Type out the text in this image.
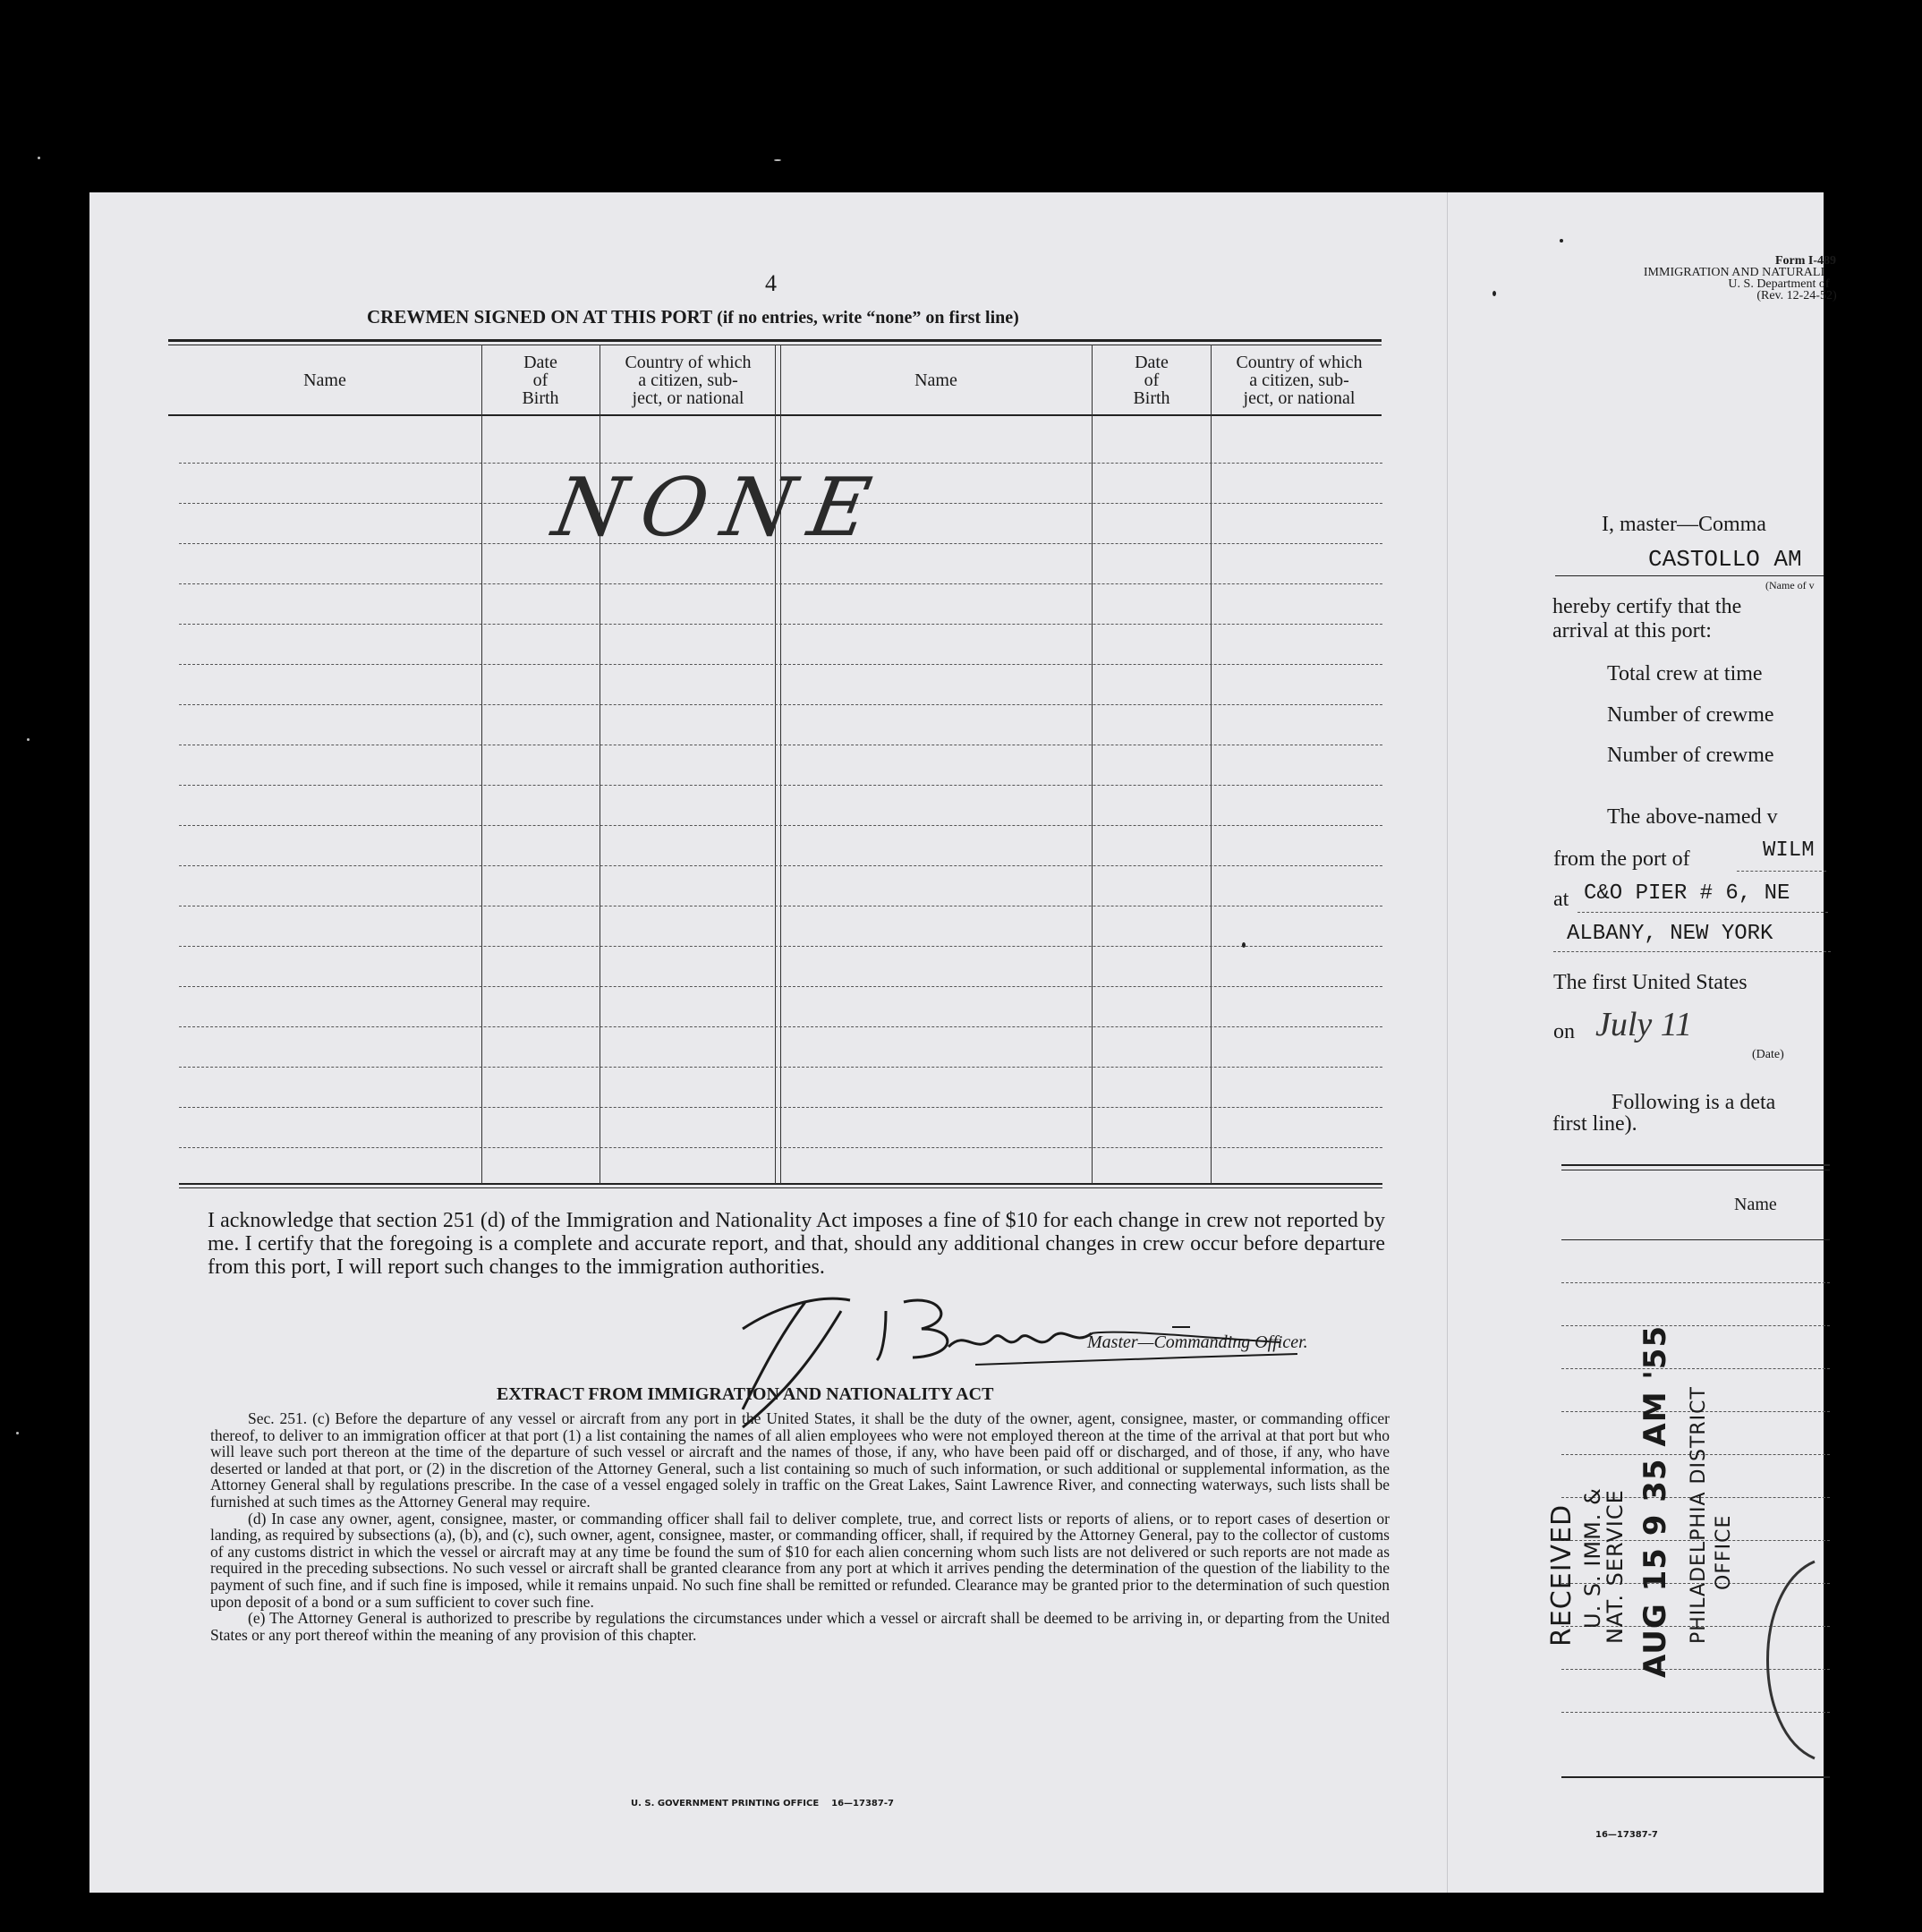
4
CREWMEN SIGNED ON AT THIS PORT (if no entries, write “none” on first line)
Name
Date
of
Birth
Country of which
a citizen, sub-
ject, or national
Name
Date
of
Birth
Country of which
a citizen, sub-
ject, or national
NONE
I acknowledge that section 251 (d) of the Immigration and Nationality Act imposes a fine of $10 for each change in crew not reported by me. I certify that the foregoing is a complete and accurate report, and that, should any additional changes in crew occur before departure from this port, I will report such changes to the immigration authorities.
Master—Commanding Officer.
EXTRACT FROM IMMIGRATION AND NATIONALITY ACT

Sec. 251. (c) Before the departure of any vessel or aircraft from any port in the United States, it shall be the duty of the owner, agent, consignee, master, or commanding officer thereof, to deliver to an immigration officer at that port (1) a list containing the names of all alien employees who were not employed thereon at the time of the arrival at that port but who will leave such port thereon at the time of the departure of such vessel or aircraft and the names of those, if any, who have been paid off or discharged, and of those, if any, who have deserted or landed at that port, or (2) in the discretion of the Attorney General, such a list containing so much of such information, or such additional or supplemental information, as the Attorney General shall by regulations prescribe. In the case of a vessel engaged solely in traffic on the Great Lakes, Saint Lawrence River, and connecting waterways, such lists shall be furnished at such times as the Attorney General may require.

(d) In case any owner, agent, consignee, master, or commanding officer shall fail to deliver complete, true, and correct lists or reports of aliens, or to report cases of desertion or landing, as required by subsections (a), (b), and (c), such owner, agent, consignee, master, or commanding officer, shall, if required by the Attorney General, pay to the collector of customs of any customs district in which the vessel or aircraft may at any time be found the sum of $10 for each alien concerning whom such lists are not delivered or such reports are not made as required in the preceding subsections. No such vessel or aircraft shall be granted clearance from any port at which it arrives pending the determination of the question of the liability to the payment of such fine, and if such fine is imposed, while it remains unpaid. No such fine shall be remitted or refunded. Clearance may be granted prior to the determination of such question upon deposit of a bond or a sum sufficient to cover such fine.

(e) The Attorney General is authorized to prescribe by regulations the circumstances under which a vessel or aircraft shall be deemed to be arriving in, or departing from the United States or any port thereof within the meaning of any provision of this chapter.

U. S. GOVERNMENT PRINTING OFFICE    16—17387-7
Form I-489
IMMIGRATION AND NATURALI
U. S. Department of
(Rev. 12-24-52)
I, master—Comma
CASTOLLO AM
(Name of v
hereby certify that the
arrival at this port:
Total crew at time
Number of crewme
Number of crewme
The above-named v
from the port of	WILM
at C&O PIER # 6, NE
ALBANY, NEW YORK
The first United States
on July 11
(Date)
Following is a deta
first line).
Name
RECEIVED U. S. IMM. &
NAT. SERVICE AUG 15 9 35 AM '55 PHILADELPHIA DISTRICT OFFICE
16—17387-7
